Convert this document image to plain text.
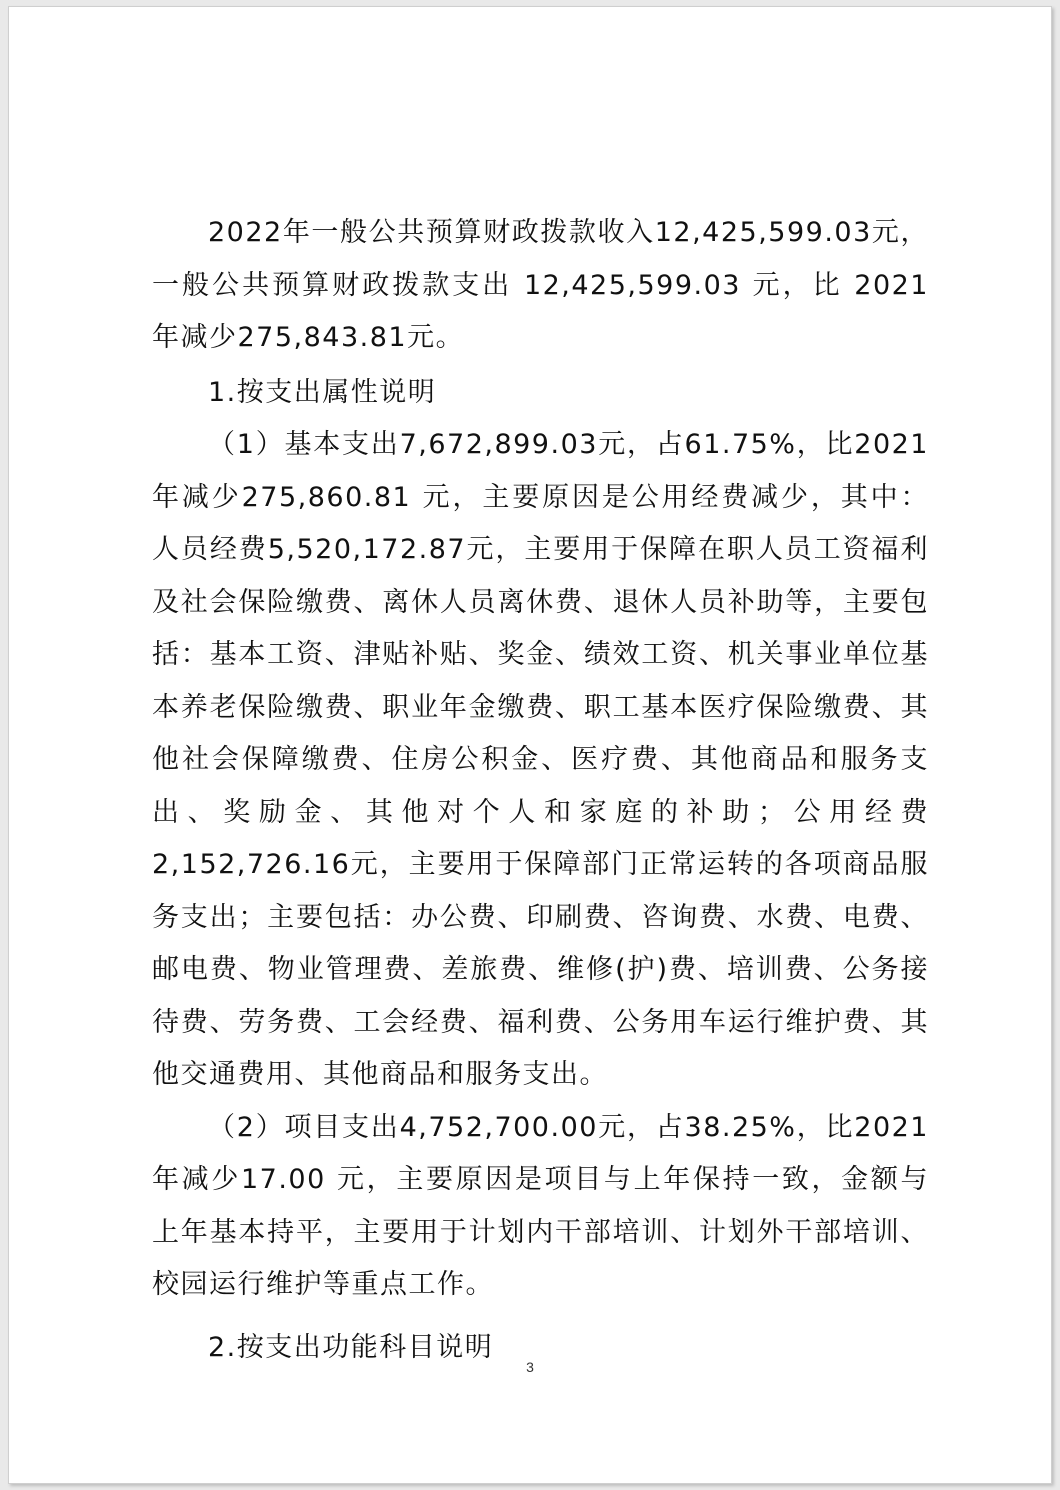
2022年一般公共预算财政拨款收入12,425,599.03元，一般公共预算财政拨款支出 12,425,599.03 元，比 2021 年减少275,843.81元。

1.按支出属性说明

（1）基本支出7,672,899.03元，占61.75%，比2021年减少275,860.81 元，主要原因是公用经费减少，其中：人员经费5,520,172.87元，主要用于保障在职人员工资福利及社会保险缴费、离休人员离休费、退休人员补助等，主要包括：基本工资、津贴补贴、奖金、绩效工资、机关事业单位基本养老保险缴费、职业年金缴费、职工基本医疗保险缴费、其他社会保障缴费、住房公积金、医疗费、其他商品和服务支出、奖励金、其他对个人和家庭的补助；公用经费2,152,726.16元，主要用于保障部门正常运转的各项商品服务支出；主要包括：办公费、印刷费、咨询费、水费、电费、邮电费、物业管理费、差旅费、维修(护)费、培训费、公务接待费、劳务费、工会经费、福利费、公务用车运行维护费、其他交通费用、其他商品和服务支出。

（2）项目支出4,752,700.00元，占38.25%，比2021年减少17.00 元，主要原因是项目与上年保持一致，金额与上年基本持平，主要用于计划内干部培训、计划外干部培训、校园运行维护等重点工作。

2.按支出功能科目说明

3
